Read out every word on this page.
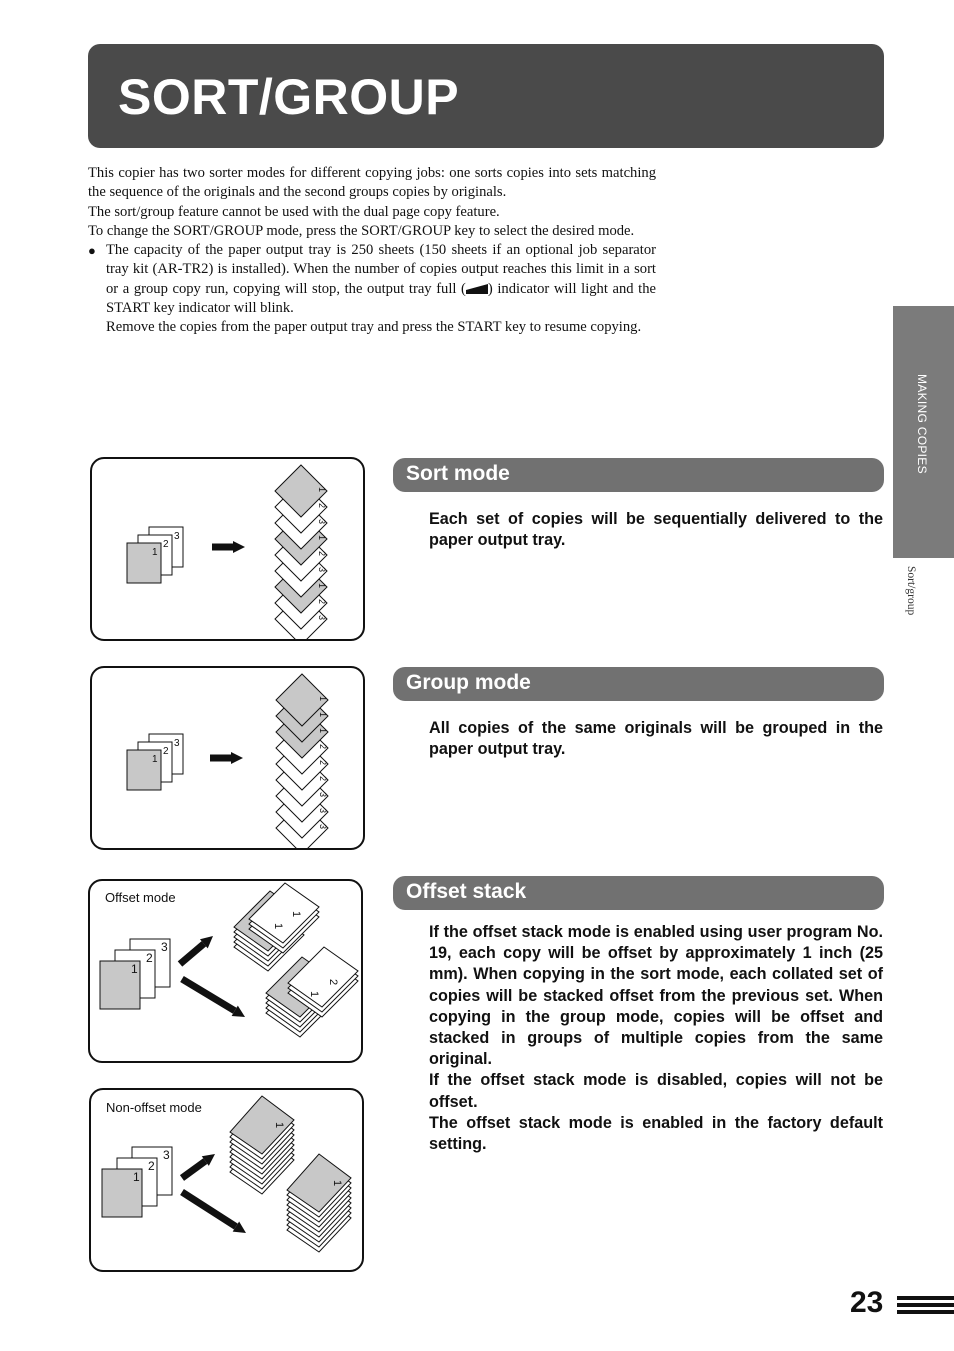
SORT/GROUP

This copier has two sorter modes for different copying jobs: one sorts copies into sets matching the sequence of the originals and the second groups copies by originals.

The sort/group feature cannot be used with the dual page copy feature.

To change the SORT/GROUP mode, press the SORT/GROUP key to select the desired mode.

● The capacity of the paper output tray is 250 sheets (150 sheets if an optional job separator tray kit (AR-TR2) is installed). When the number of copies output reaches this limit in a sort or a group copy run, copying will stop, the output tray full ( ) indicator will light and the START key indicator will blink.

Remove the copies from the paper output tray and press the START key to resume copying.

MAKING COPIES
Sort/group
Sort mode

Each set of copies will be sequentially delivered to the paper output tray.

Group mode

All copies of the same originals will be grouped in the paper output tray.

Offset stack

If the offset stack mode is enabled using user program No. 19, each copy will be offset by approximately 1 inch (25 mm). When copying in the sort mode, each collated set of copies will be stacked offset from the previous set. When copying in the group mode, copies will be offset and stacked in groups of multiple copies from the same original.

If the offset stack mode is disabled, copies will not be offset.

The offset stack mode is enabled in the factory default setting.

3
2
1
1
2
3
1
2
3
1
2
3
3
2
1
1
1
1
2
2
2
3
3
3
Offset mode
3
2
1
1
1
1
2
Non-offset mode
3
2
1
1
1
23
